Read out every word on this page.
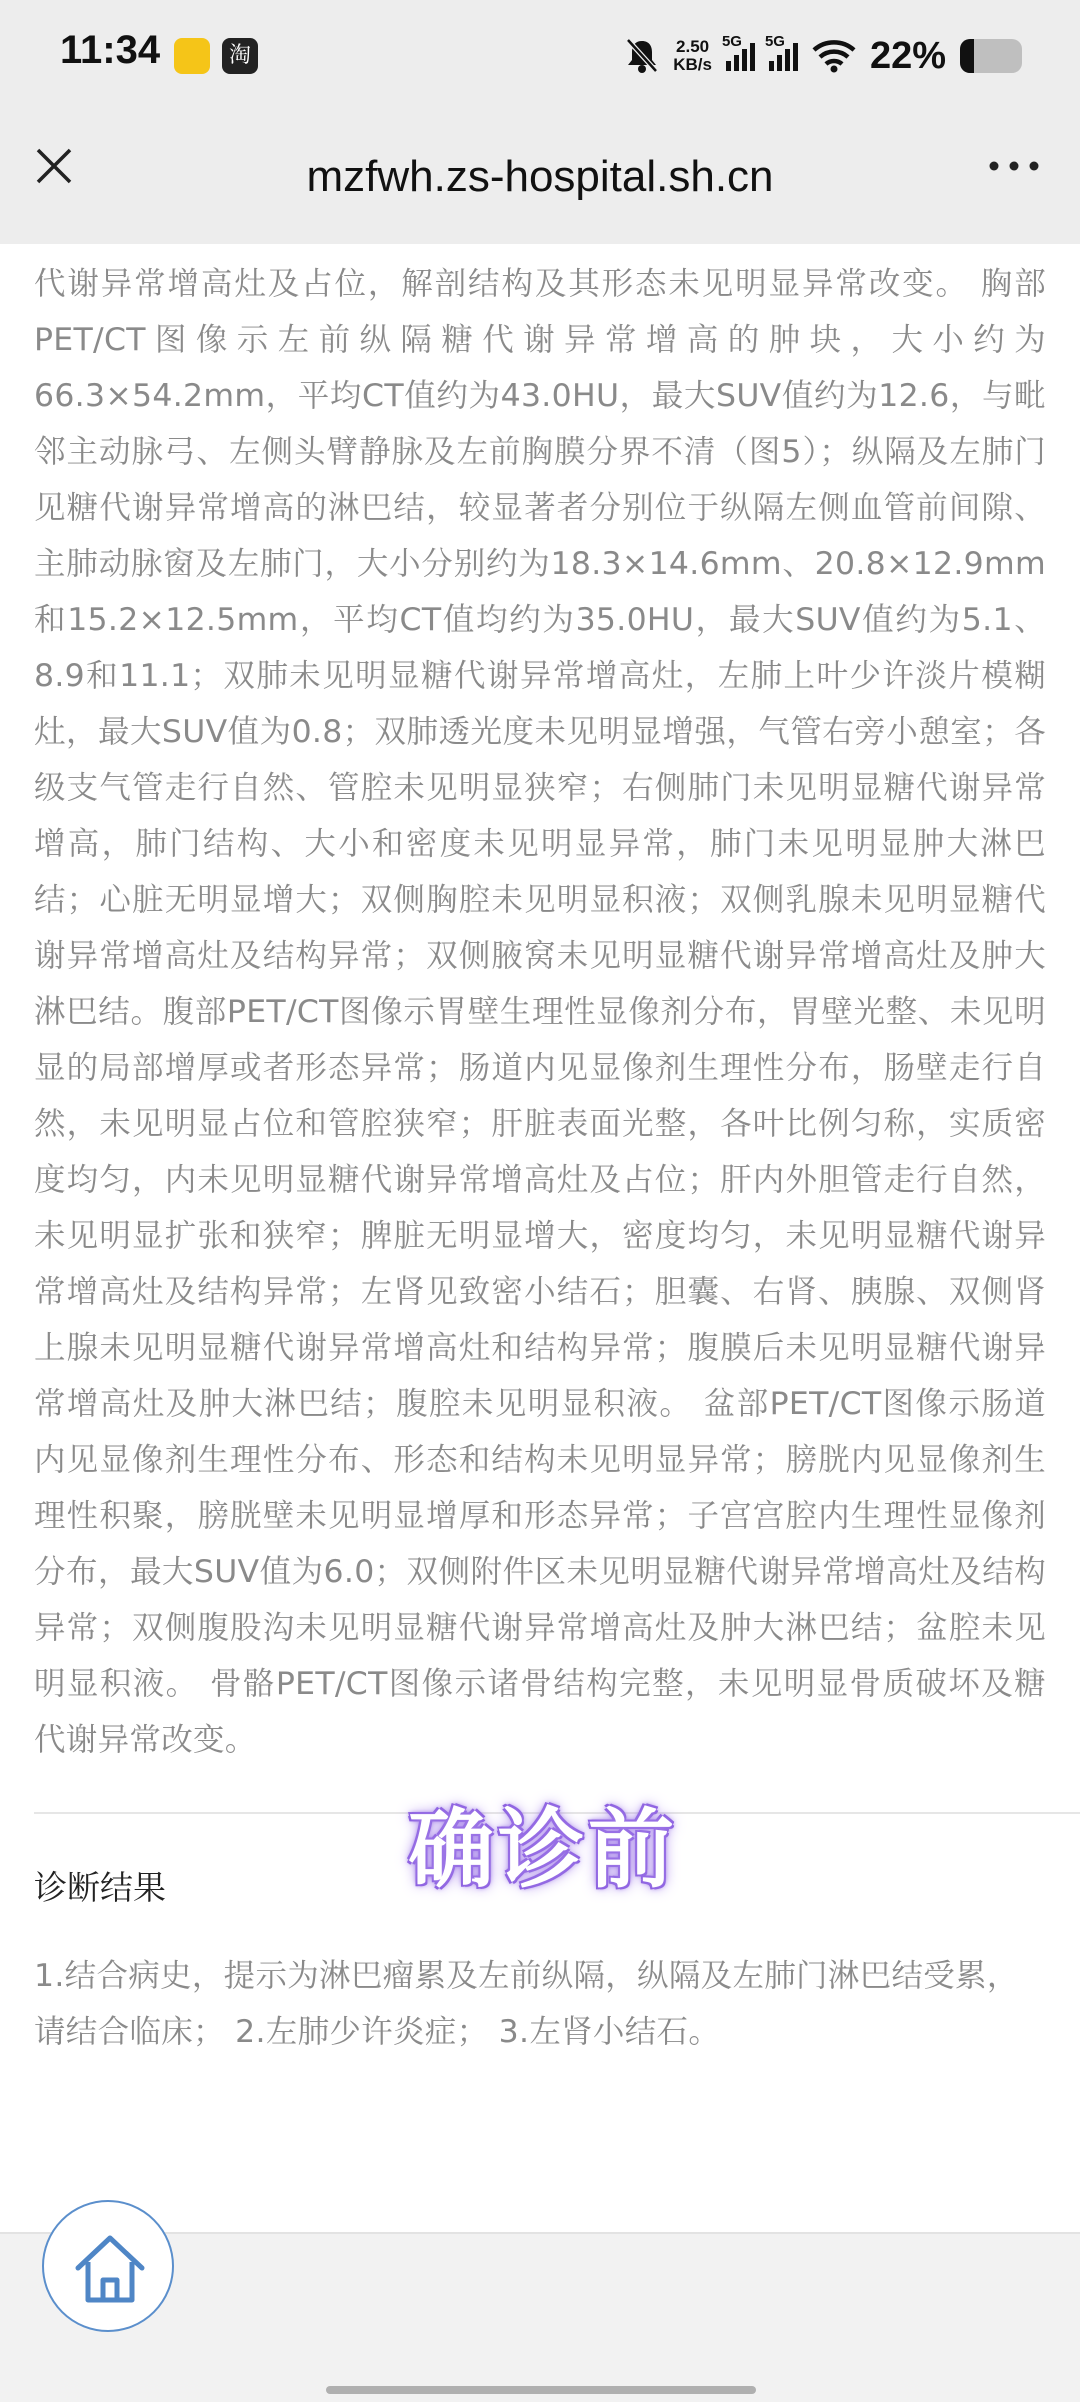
11:34	淘	2.50
KB/s
5G 5G 22%
mzfwh.zs-hospital.sh.cn

代谢异常增高灶及占位，解剖结构及其形态未见明显异常改变。 胸部PET/CT图像示左前纵隔糖代谢异常增高的肿块，大小约为66.3×54.2mm，平均CT值约为43.0HU，最大SUV值约为12.6，与毗邻主动脉弓、左侧头臂静脉及左前胸膜分界不清（图5）；纵隔及左肺门见糖代谢异常增高的淋巴结，较显著者分别位于纵隔左侧血管前间隙、主肺动脉窗及左肺门，大小分别约为18.3×14.6mm、20.8×12.9mm和15.2×12.5mm，平均CT值均约为35.0HU，最大SUV值约为5.1、8.9和11.1；双肺未见明显糖代谢异常增高灶，左肺上叶少许淡片模糊灶，最大SUV值为0.8；双肺透光度未见明显增强，气管右旁小憩室；各级支气管走行自然、管腔未见明显狭窄；右侧肺门未见明显糖代谢异常增高，肺门结构、大小和密度未见明显异常，肺门未见明显肿大淋巴结；心脏无明显增大；双侧胸腔未见明显积液；双侧乳腺未见明显糖代谢异常增高灶及结构异常；双侧腋窝未见明显糖代谢异常增高灶及肿大淋巴结。腹部PET/CT图像示胃壁生理性显像剂分布，胃壁光整、未见明显的局部增厚或者形态异常；肠道内见显像剂生理性分布，肠壁走行自然，未见明显占位和管腔狭窄；肝脏表面光整，各叶比例匀称，实质密度均匀，内未见明显糖代谢异常增高灶及占位；肝内外胆管走行自然，未见明显扩张和狭窄；脾脏无明显增大，密度均匀，未见明显糖代谢异常增高灶及结构异常；左肾见致密小结石；胆囊、右肾、胰腺、双侧肾上腺未见明显糖代谢异常增高灶和结构异常；腹膜后未见明显糖代谢异常增高灶及肿大淋巴结；腹腔未见明显积液。 盆部PET/CT图像示肠道内见显像剂生理性分布、形态和结构未见明显异常；膀胱内见显像剂生理性积聚，膀胱壁未见明显增厚和形态异常；子宫宫腔内生理性显像剂分布，最大SUV值为6.0；双侧附件区未见明显糖代谢异常增高灶及结构异常；双侧腹股沟未见明显糖代谢异常增高灶及肿大淋巴结；盆腔未见明显积液。 骨骼PET/CT图像示诸骨结构完整，未见明显骨质破坏及糖代谢异常改变。

确诊前
诊断结果

1.结合病史，提示为淋巴瘤累及左前纵隔，纵隔及左肺门淋巴结受累，请结合临床； 2.左肺少许炎症； 3.左肾小结石。
